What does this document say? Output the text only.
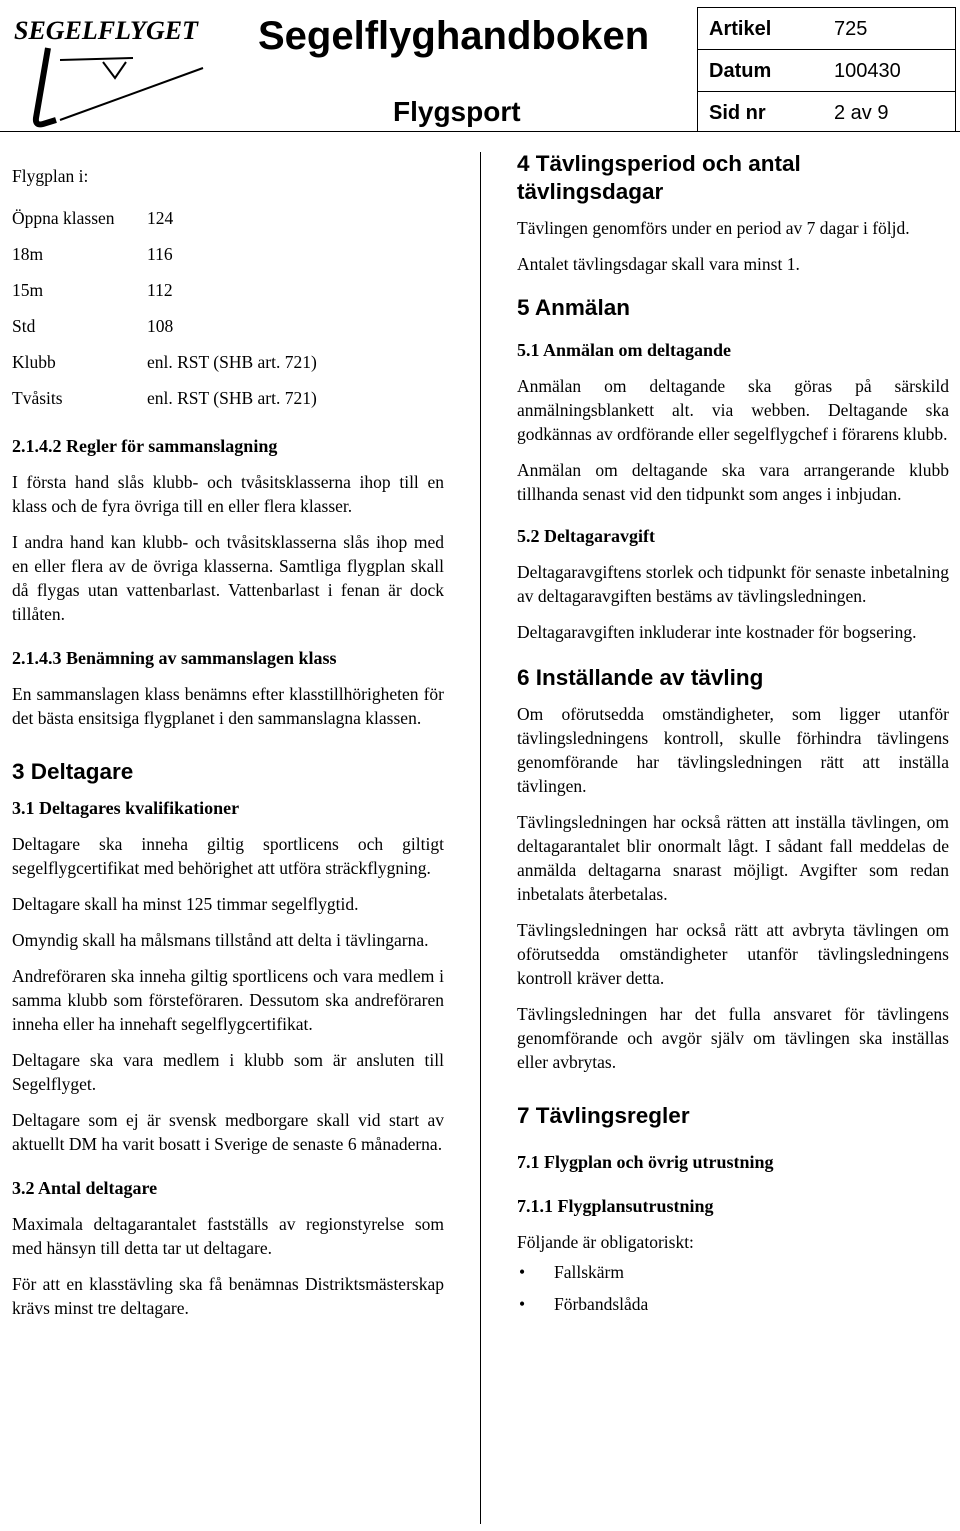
SEGELFLYGET Segelflyghandboken
Flygsport
Artikel	725
Datum	100430
Sid nr	2 av 9
Flygplan i:
Öppna klassen	124
18m	116
15m	112
Std	108
Klubb	enl. RST (SHB art. 721)
Tvåsits	enl. RST (SHB art. 721)
2.1.4.2 Regler för sammanslagning
I första hand slås klubb- och tvåsitsklasserna ihop till en klass och de fyra övriga till en eller flera klasser.
I andra hand kan klubb- och tvåsitsklasserna slås ihop med en eller flera av de övriga klasserna. Samtliga flygplan skall då flygas utan vattenbarlast. Vattenbarlast i fenan är dock tillåten.
2.1.4.3 Benämning av sammanslagen klass
En sammanslagen klass benämns efter klasstillhörigheten för det bästa ensitsiga flygplanet i den sammanslagna klassen.
3 Deltagare
3.1 Deltagares kvalifikationer
Deltagare ska inneha giltig sportlicens och giltigt segelflygcertifikat med behörighet att utföra sträckflygning.
Deltagare skall ha minst 125 timmar segelflygtid.
Omyndig skall ha målsmans tillstånd att delta i tävlingarna.
Andreföraren ska inneha giltig sportlicens och vara medlem i samma klubb som försteföraren. Dessutom ska andreföraren inneha eller ha innehaft segelflygcertifikat.
Deltagare ska vara medlem i klubb som är ansluten till Segelflyget.
Deltagare som ej är svensk medborgare skall vid start av aktuellt DM ha varit bosatt i Sverige de senaste 6 månaderna.
3.2 Antal deltagare
Maximala deltagarantalet fastställs av regionstyrelse som med hänsyn till detta tar ut deltagare.
För att en klasstävling ska få benämnas Distriktsmästerskap krävs minst tre deltagare.
4 Tävlingsperiod och antal tävlingsdagar
Tävlingen genomförs under en period av 7 dagar i följd.
Antalet tävlingsdagar skall vara minst 1.
5 Anmälan
5.1 Anmälan om deltagande
Anmälan om deltagande ska göras på särskild anmälningsblankett alt. via webben. Deltagande ska godkännas av ordförande eller segelflygchef i förarens klubb.
Anmälan om deltagande ska vara arrangerande klubb tillhanda senast vid den tidpunkt som anges i inbjudan.
5.2 Deltagaravgift
Deltagaravgiftens storlek och tidpunkt för senaste inbetalning av deltagaravgiften bestäms av tävlingsledningen.
Deltagaravgiften inkluderar inte kostnader för bogsering.
6 Inställande av tävling
Om oförutsedda omständigheter, som ligger utanför tävlingsledningens kontroll, skulle förhindra tävlingens genomförande har tävlingsledningen rätt att inställa tävlingen.
Tävlingsledningen har också rätten att inställa tävlingen, om deltagarantalet blir onormalt lågt. I sådant fall meddelas de anmälda deltagarna snarast möjligt. Avgifter som redan inbetalats återbetalas.
Tävlingsledningen har också rätt att avbryta tävlingen om oförutsedda omständigheter utanför tävlingsledningens kontroll kräver detta.
Tävlingsledningen har det fulla ansvaret för tävlingens genomförande och avgör själv om tävlingen ska inställas eller avbrytas.
7 Tävlingsregler
7.1 Flygplan och övrig utrustning
7.1.1 Flygplansutrustning
Följande är obligatoriskt:
• Fallskärm
• Förbandslåda
